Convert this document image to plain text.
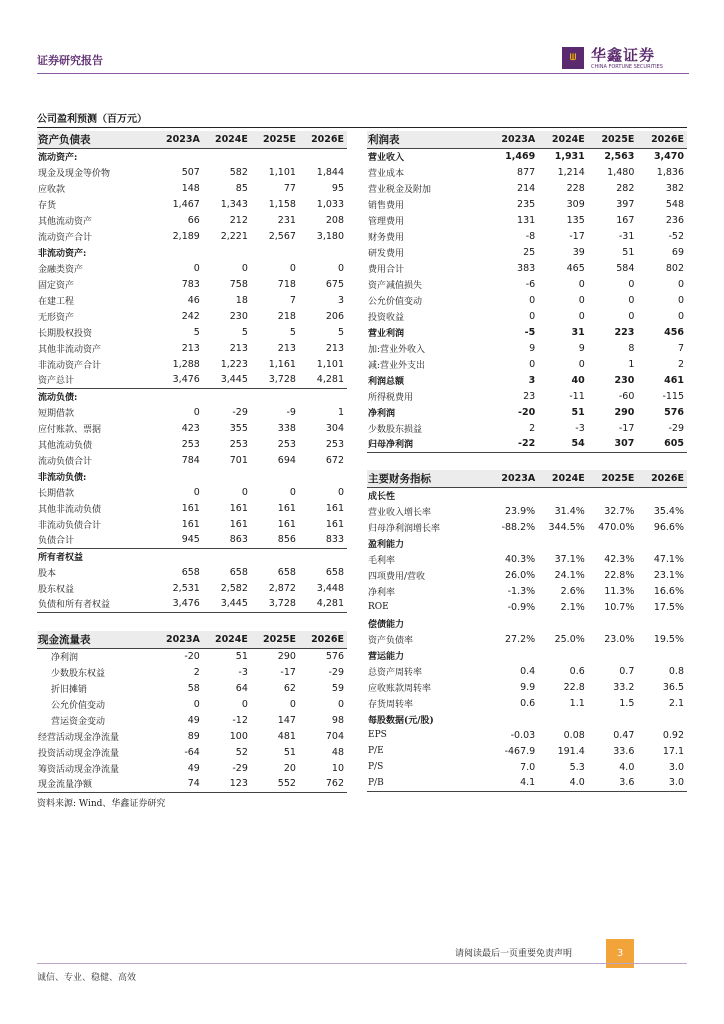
证券研究报告	ᗯ 华鑫证券
CHINA FORTUNE SECURITIES
公司盈利预测（百万元）
资产负债表	2023A	2024E	2025E	2026E
流动资产:				
现金及现金等价物	507	582	1,101	1,844
应收款	148	85	77	95
存货	1,467	1,343	1,158	1,033
其他流动资产	66	212	231	208
流动资产合计	2,189	2,221	2,567	3,180
非流动资产:				
金融类资产	0	0	0	0
固定资产	783	758	718	675
在建工程	46	18	7	3
无形资产	242	230	218	206
长期股权投资	5	5	5	5
其他非流动资产	213	213	213	213
非流动资产合计	1,288	1,223	1,161	1,101
资产总计	3,476	3,445	3,728	4,281
流动负债:				
短期借款	0	-29	-9	1
应付账款、票据	423	355	338	304
其他流动负债	253	253	253	253
流动负债合计	784	701	694	672
非流动负债:				
长期借款	0	0	0	0
其他非流动负债	161	161	161	161
非流动负债合计	161	161	161	161
负债合计	945	863	856	833
所有者权益				
股本	658	658	658	658
股东权益	2,531	2,582	2,872	3,448
负债和所有者权益	3,476	3,445	3,728	4,281
利润表	2023A	2024E	2025E	2026E
营业收入	1,469	1,931	2,563	3,470
营业成本	877	1,214	1,480	1,836
营业税金及附加	214	228	282	382
销售费用	235	309	397	548
管理费用	131	135	167	236
财务费用	-8	-17	-31	-52
研发费用	25	39	51	69
费用合计	383	465	584	802
资产减值损失	-6	0	0	0
公允价值变动	0	0	0	0
投资收益	0	0	0	0
营业利润	-5	31	223	456
加:营业外收入	9	9	8	7
减:营业外支出	0	0	1	2
利润总额	3	40	230	461
所得税费用	23	-11	-60	-115
净利润	-20	51	290	576
少数股东损益	2	-3	-17	-29
归母净利润	-22	54	307	605
主要财务指标	2023A	2024E	2025E	2026E
成长性				
营业收入增长率	23.9%	31.4%	32.7%	35.4%
归母净利润增长率	-88.2%	344.5%	470.0%	96.6%
盈利能力				
毛利率	40.3%	37.1%	42.3%	47.1%
四项费用/营收	26.0%	24.1%	22.8%	23.1%
净利率	-1.3%	2.6%	11.3%	16.6%
ROE	-0.9%	2.1%	10.7%	17.5%
偿债能力				
资产负债率	27.2%	25.0%	23.0%	19.5%
营运能力				
总资产周转率	0.4	0.6	0.7	0.8
应收账款周转率	9.9	22.8	33.2	36.5
存货周转率	0.6	1.1	1.5	2.1
每股数据(元/股)				
EPS	-0.03	0.08	0.47	0.92
P/E	-467.9	191.4	33.6	17.1
P/S	7.0	5.3	4.0	3.0
P/B	4.1	4.0	3.6	3.0
现金流量表	2023A	2024E	2025E	2026E
净利润	-20	51	290	576
少数股东权益	2	-3	-17	-29
折旧摊销	58	64	62	59
公允价值变动	0	0	0	0
营运资金变动	49	-12	147	98
经营活动现金净流量	89	100	481	704
投资活动现金净流量	-64	52	51	48
筹资活动现金净流量	49	-29	20	10
现金流量净额	74	123	552	762
资料来源: Wind、华鑫证券研究
请阅读最后一页重要免责声明	3
诚信、专业、稳健、高效
